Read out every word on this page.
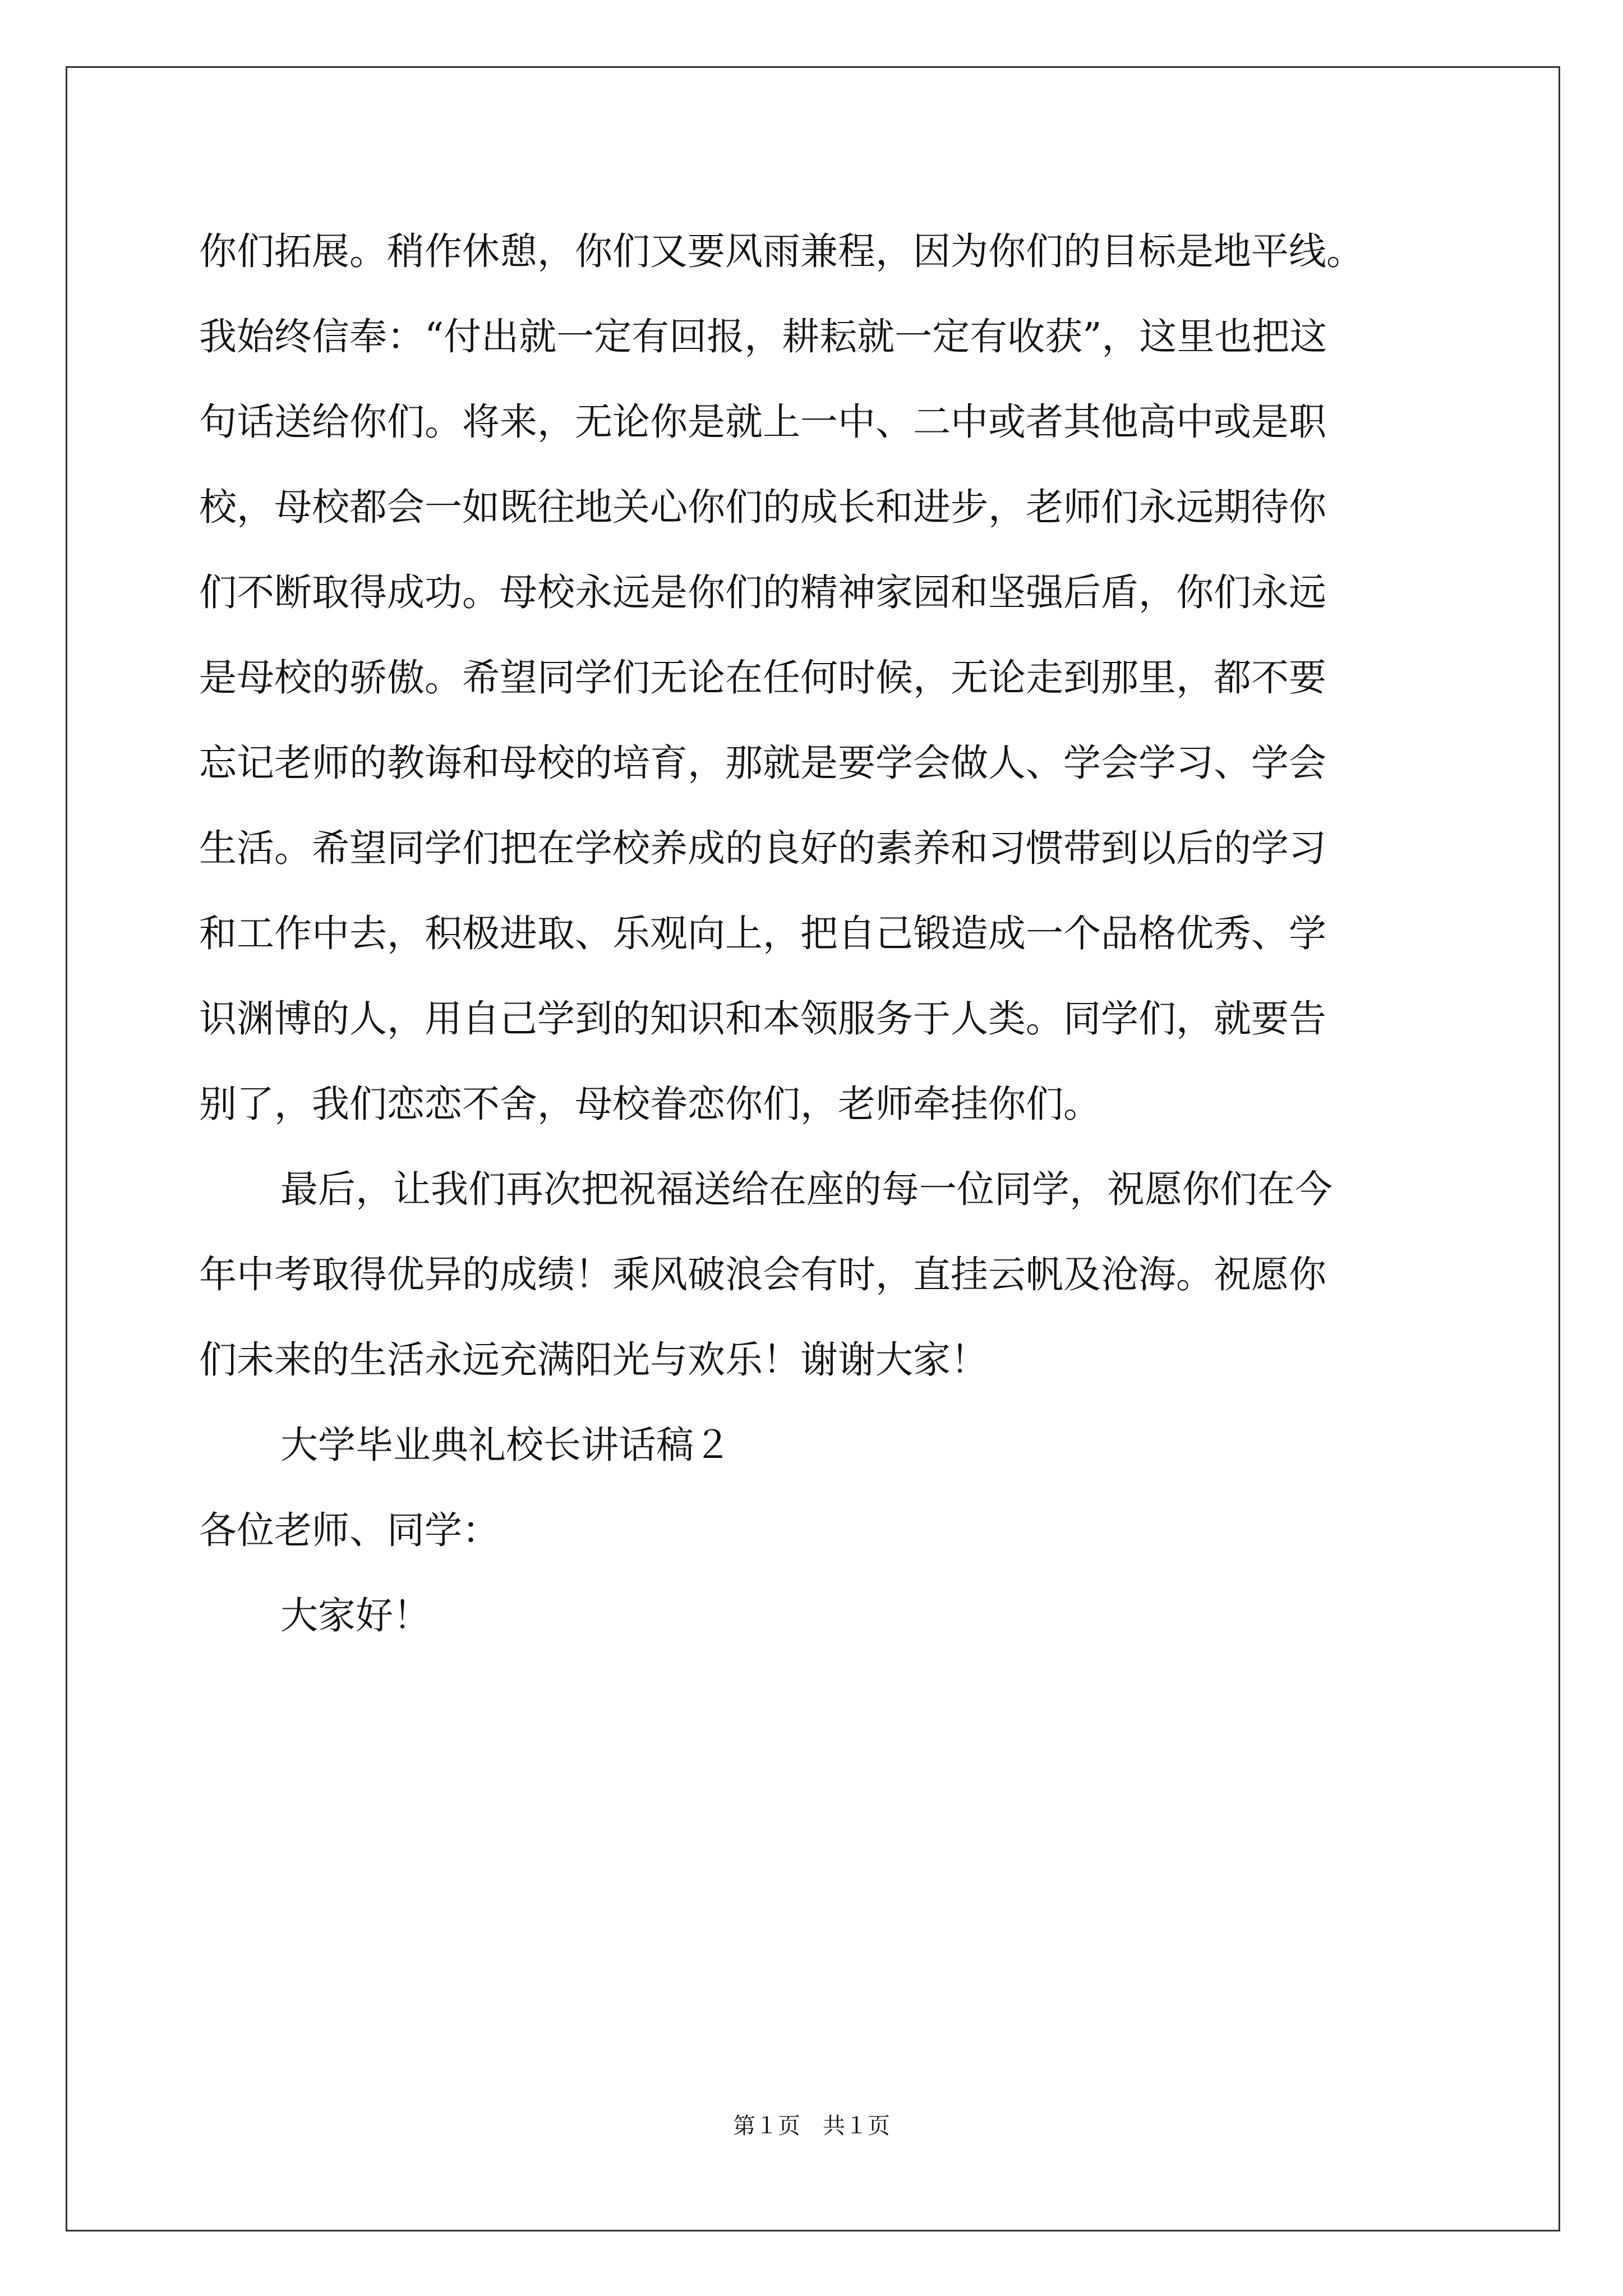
你们拓展。稍作休憩，你们又要风雨兼程，因为你们的目标是地平线。
我始终信奉：“付出就一定有回报，耕耘就一定有收获”，这里也把这
句话送给你们。将来，无论你是就上一中、二中或者其他高中或是职
校，母校都会一如既往地关心你们的成长和进步，老师们永远期待你
们不断取得成功。母校永远是你们的精神家园和坚强后盾，你们永远
是母校的骄傲。希望同学们无论在任何时候，无论走到那里，都不要
忘记老师的教诲和母校的培育，那就是要学会做人、学会学习、学会
生活。希望同学们把在学校养成的良好的素养和习惯带到以后的学习
和工作中去，积极进取、乐观向上，把自己锻造成一个品格优秀、学
识渊博的人，用自己学到的知识和本领服务于人类。同学们，就要告
别了，我们恋恋不舍，母校眷恋你们，老师牵挂你们。
最后，让我们再次把祝福送给在座的每一位同学，祝愿你们在今
年中考取得优异的成绩！乘风破浪会有时，直挂云帆及沧海。祝愿你
们未来的生活永远充满阳光与欢乐！谢谢大家！
大学毕业典礼校长讲话稿２
各位老师、同学：
大家好！
第１页　共１页
